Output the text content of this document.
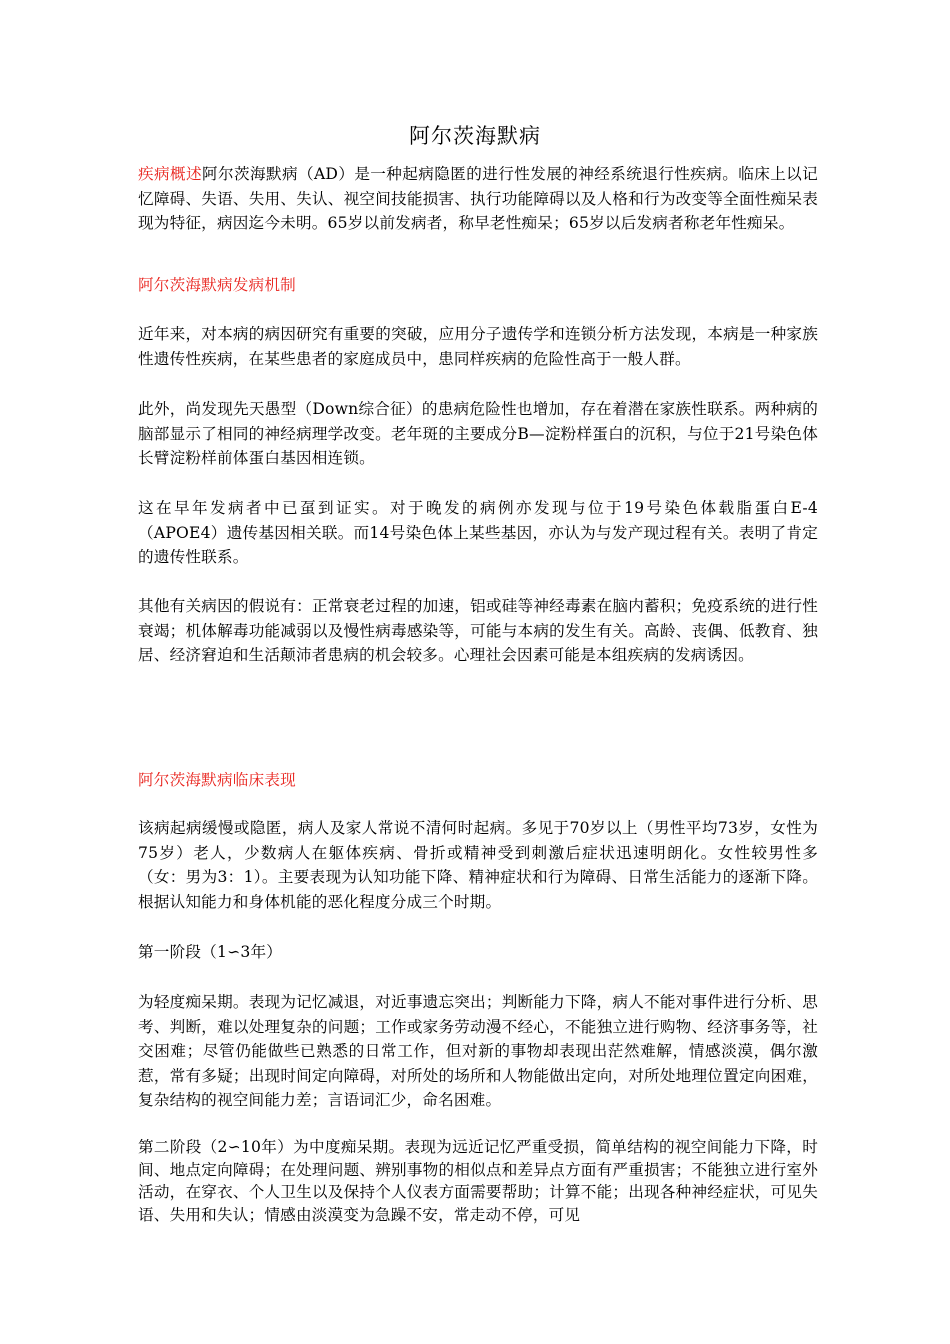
阿尔茨海默病
疾病概述阿尔茨海默病（AD）是一种起病隐匿的进行性发展的神经系统退行性疾病。临床上以记忆障碍、失语、失用、失认、视空间技能损害、执行功能障碍以及人格和行为改变等全面性痴呆表现为特征，病因迄今未明。65岁以前发病者，称早老性痴呆；65岁以后发病者称老年性痴呆。
阿尔茨海默病发病机制
近年来，对本病的病因研究有重要的突破，应用分子遗传学和连锁分析方法发现，本病是一种家族性遗传性疾病，在某些患者的家庭成员中，患同样疾病的危险性高于一般人群。
此外，尚发现先天愚型（Down综合征）的患病危险性也增加，存在着潜在家族性联系。两种病的脑部显示了相同的神经病理学改变。老年斑的主要成分B—淀粉样蛋白的沉积，与位于21号染色体长臂淀粉样前体蛋白基因相连锁。
这在早年发病者中已虿到证实。对于晚发的病例亦发现与位于19号染色体载脂蛋白E-4（APOE4）遗传基因相关联。而14号染色体上某些基因，亦认为与发产现过程有关。表明了肯定的遗传性联系。
其他有关病因的假说有：正常衰老过程的加速，铝或硅等神经毒素在脑内蓄积；免疫系统的进行性衰竭；机体解毒功能减弱以及慢性病毒感染等，可能与本病的发生有关。高龄、丧偶、低教育、独居、经济窘迫和生活颠沛者患病的机会较多。心理社会因素可能是本组疾病的发病诱因。
阿尔茨海默病临床表现
该病起病缓慢或隐匿，病人及家人常说不清何时起病。多见于70岁以上（男性平均73岁，女性为75岁）老人，少数病人在躯体疾病、骨折或精神受到刺激后症状迅速明朗化。女性较男性多（女：男为3：1）。主要表现为认知功能下降、精神症状和行为障碍、日常生活能力的逐渐下降。根据认知能力和身体机能的恶化程度分成三个时期。
第一阶段（1∽3年）
为轻度痴呆期。表现为记忆减退，对近事遗忘突出；判断能力下降，病人不能对事件进行分析、思考、判断，难以处理复杂的问题；工作或家务劳动漫不经心，不能独立进行购物、经济事务等，社交困难；尽管仍能做些已熟悉的日常工作，但对新的事物却表现出茫然难解，情感淡漠，偶尔激惹，常有多疑；出现时间定向障碍，对所处的场所和人物能做出定向，对所处地理位置定向困难，复杂结构的视空间能力差；言语词汇少，命名困难。
第二阶段（2∽10年）为中度痴呆期。表现为远近记忆严重受损，简单结构的视空间能力下降，时间、地点定向障碍；在处理问题、辨别事物的相似点和差异点方面有严重损害；不能独立进行室外活动，在穿衣、个人卫生以及保持个人仪表方面需要帮助；计算不能；出现各种神经症状，可见失语、失用和失认；情感由淡漠变为急躁不安，常走动不停，可见
